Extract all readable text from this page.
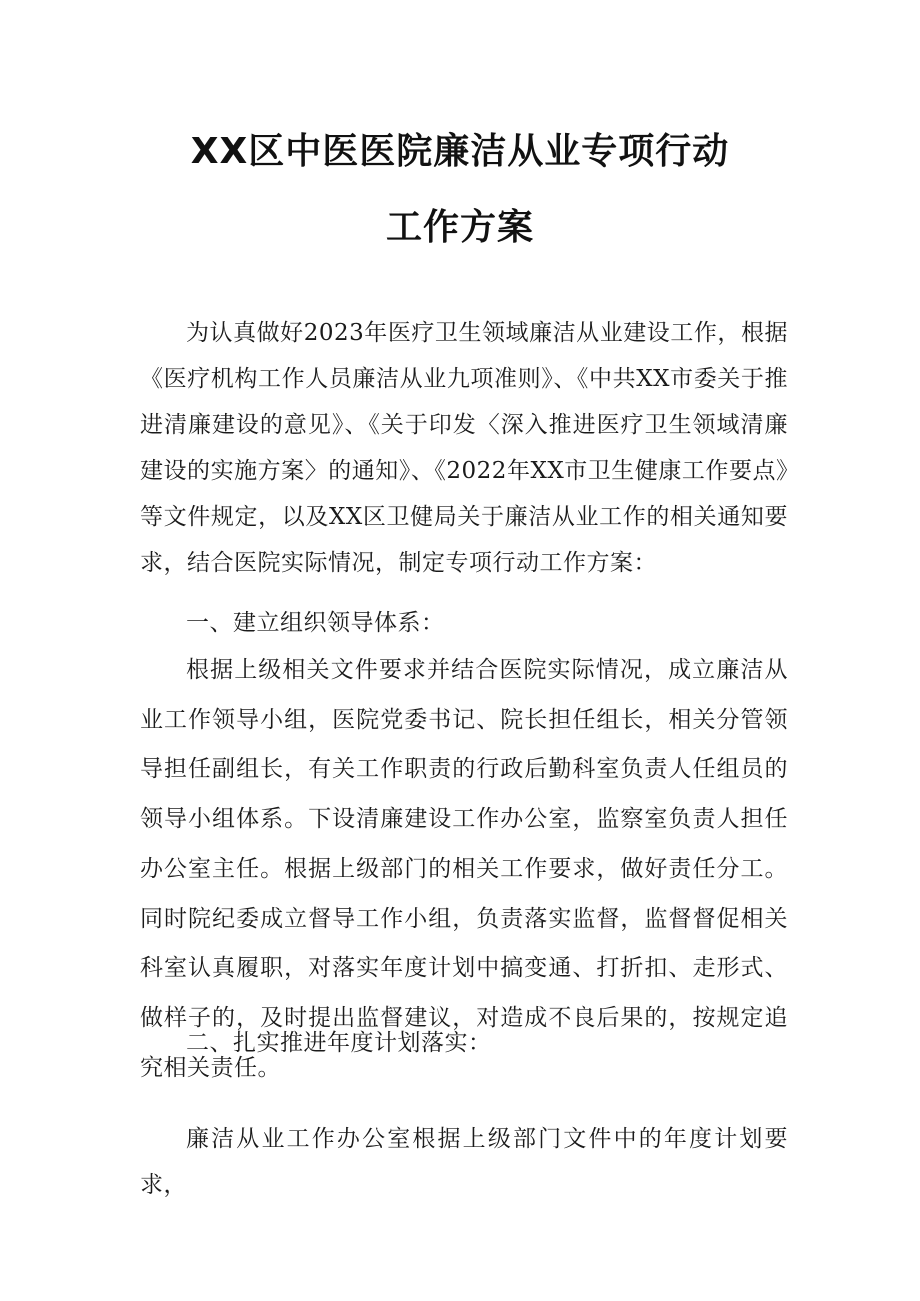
XX区中医医院廉洁从业专项行动
工作方案

为认真做好2023年医疗卫生领域廉洁从业建设工作，根据《医疗机构工作人员廉洁从业九项准则》、《中共XX市委关于推进清廉建设的意见》、《关于印发〈深入推进医疗卫生领域清廉建设的实施方案〉的通知》、《2022年XX市卫生健康工作要点》等文件规定，以及XX区卫健局关于廉洁从业工作的相关通知要求，结合医院实际情况，制定专项行动工作方案：

一、建立组织领导体系：

根据上级相关文件要求并结合医院实际情况，成立廉洁从业工作领导小组，医院党委书记、院长担任组长，相关分管领导担任副组长，有关工作职责的行政后勤科室负责人任组员的领导小组体系。下设清廉建设工作办公室，监察室负责人担任办公室主任。根据上级部门的相关工作要求，做好责任分工。同时院纪委成立督导工作小组，负责落实监督，监督督促相关科室认真履职，对落实年度计划中搞变通、打折扣、走形式、做样子的，及时提出监督建议，对造成不良后果的，按规定追究相关责任。

二、扎实推进年度计划落实：

廉洁从业工作办公室根据上级部门文件中的年度计划要求，
